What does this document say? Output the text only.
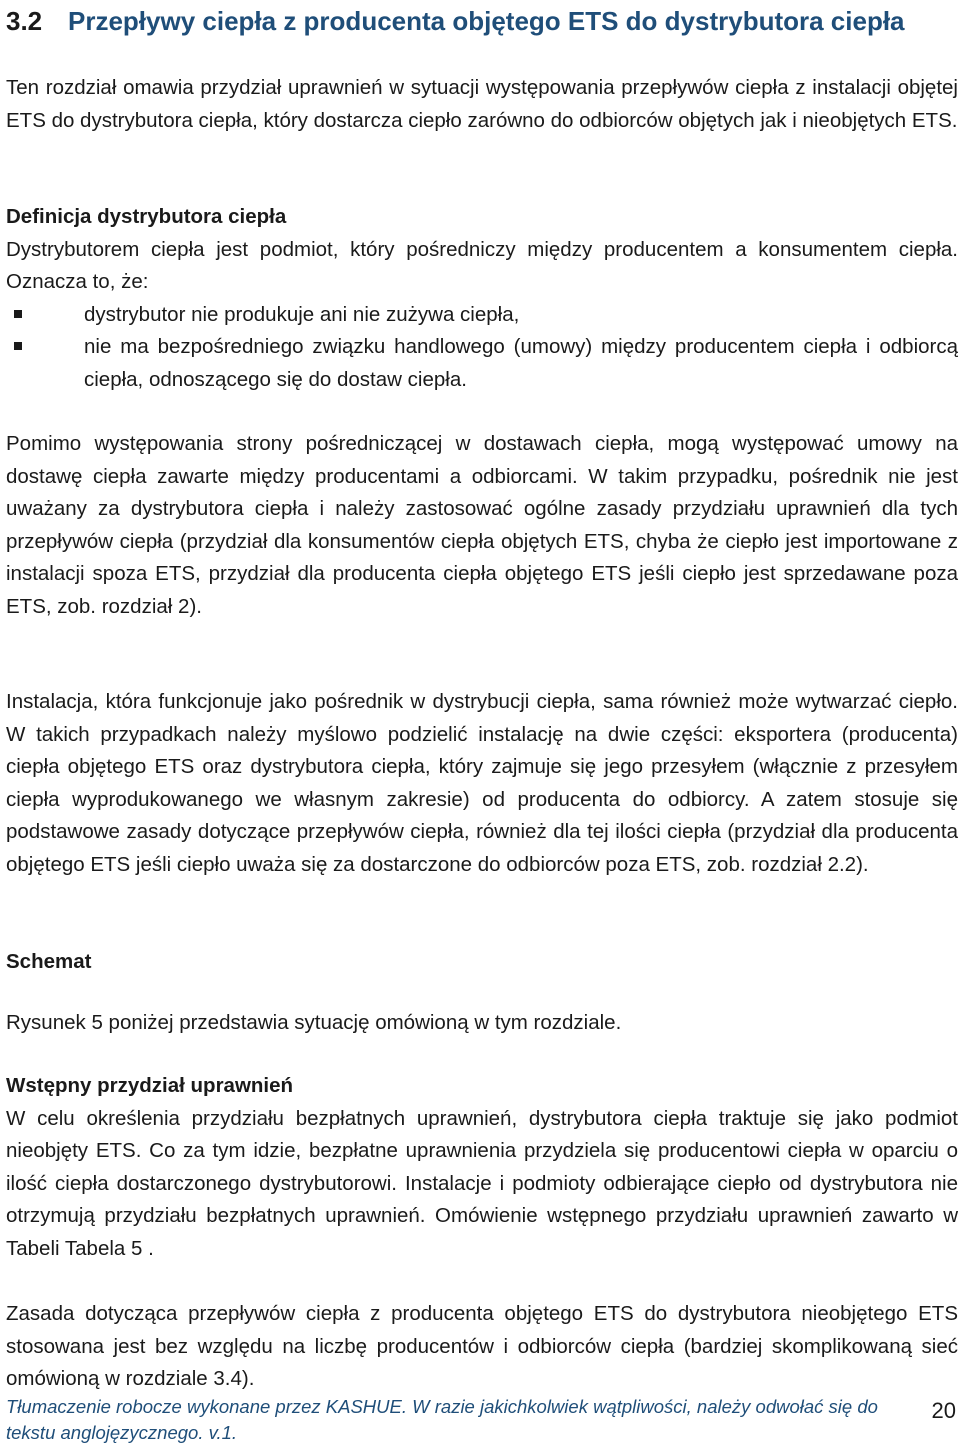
3.2 Przepływy ciepła z producenta objętego ETS do dystrybutora ciepła
Ten rozdział omawia przydział uprawnień w sytuacji występowania przepływów ciepła z instalacji objętej ETS do dystrybutora ciepła, który dostarcza ciepło zarówno do odbiorców objętych jak i nieobjętych ETS.
Definicja dystrybutora ciepła
Dystrybutorem ciepła jest podmiot, który pośredniczy między producentem a konsumentem ciepła. Oznacza to, że:
dystrybutor nie produkuje ani nie zużywa ciepła,
nie ma bezpośredniego związku handlowego (umowy) między producentem ciepła i odbiorcą ciepła, odnoszącego się do dostaw ciepła.
Pomimo występowania strony pośredniczącej w dostawach ciepła, mogą występować umowy na dostawę ciepła zawarte między producentami a odbiorcami. W takim przypadku, pośrednik nie jest uważany za dystrybutora ciepła i należy zastosować ogólne zasady przydziału uprawnień dla tych przepływów ciepła (przydział dla konsumentów ciepła objętych ETS, chyba że ciepło jest importowane z instalacji spoza ETS, przydział dla producenta ciepła objętego ETS jeśli ciepło jest sprzedawane poza ETS, zob. rozdział 2).
Instalacja, która funkcjonuje jako pośrednik w dystrybucji ciepła, sama również może wytwarzać ciepło. W takich przypadkach należy myślowo podzielić instalację na dwie części: eksportera (producenta) ciepła objętego ETS oraz dystrybutora ciepła, który zajmuje się jego przesyłem (włącznie z przesyłem ciepła wyprodukowanego we własnym zakresie) od producenta do odbiorcy. A zatem stosuje się podstawowe zasady dotyczące przepływów ciepła, również dla tej ilości ciepła (przydział dla producenta objętego ETS jeśli ciepło uważa się za dostarczone do odbiorców poza ETS, zob. rozdział 2.2).
Schemat
Rysunek 5 poniżej przedstawia sytuację omówioną w tym rozdziale.
Wstępny przydział uprawnień
W celu określenia przydziału bezpłatnych uprawnień, dystrybutora ciepła traktuje się jako podmiot nieobjęty ETS. Co za tym idzie, bezpłatne uprawnienia przydziela się producentowi ciepła w oparciu o ilość ciepła dostarczonego dystrybutorowi. Instalacje i podmioty odbierające ciepło od dystrybutora nie otrzymują przydziału bezpłatnych uprawnień. Omówienie wstępnego przydziału uprawnień zawarto w Tabeli Tabela 5 .
Zasada dotycząca przepływów ciepła z producenta objętego ETS do dystrybutora nieobjętego ETS stosowana jest bez względu na liczbę producentów i odbiorców ciepła (bardziej skomplikowaną sieć omówioną w rozdziale 3.4).
Tłumaczenie robocze wykonane przez KASHUE. W razie jakichkolwiek wątpliwości, należy odwołać się do tekstu anglojęzycznego. v.1.
20
